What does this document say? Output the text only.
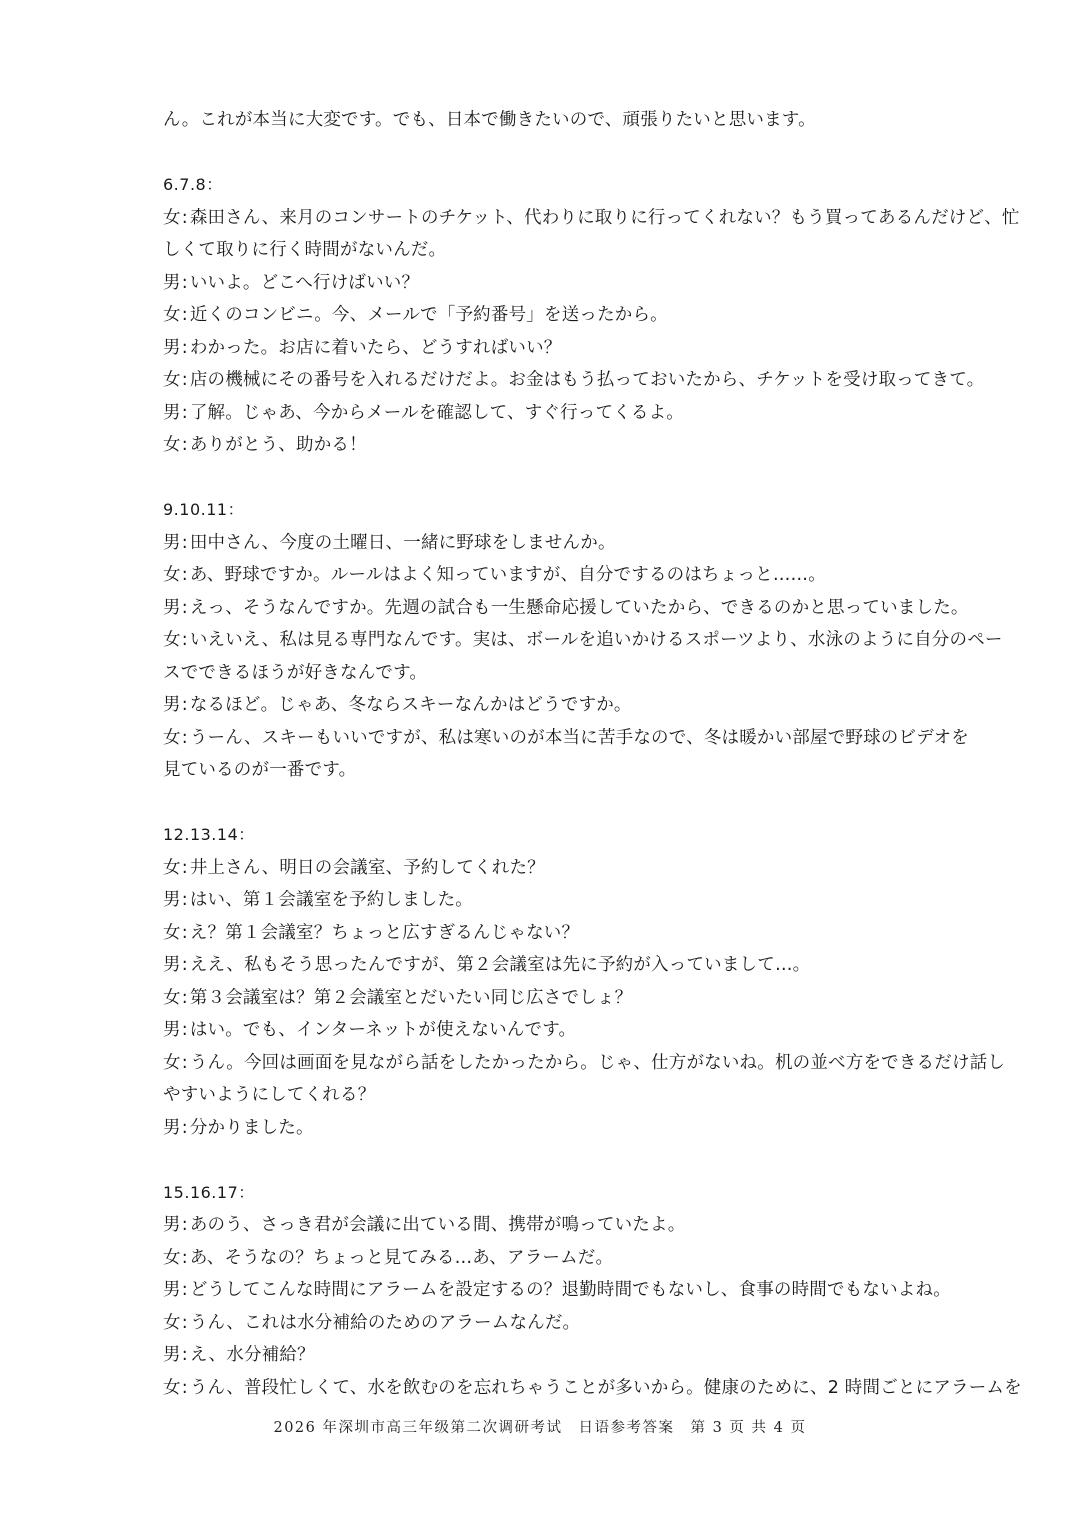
ん。これが本当に大変です。でも、日本で働きたいので、頑張りたいと思います。
6.7.8：
女 : 森田さん、来月のコンサートのチケット、代わりに取りに行ってくれない？もう買ってあるんだけど、忙
しくて取りに行く時間がないんだ。
男 : いいよ。どこへ行けばいい？
女 : 近くのコンビニ。今、メールで「予約番号」を送ったから。
男 : わかった。お店に着いたら、どうすればいい？
女 : 店の機械にその番号を入れるだけだよ。お金はもう払っておいたから、チケットを受け取ってきて。
男 : 了解。じゃあ、今からメールを確認して、すぐ行ってくるよ。
女 : ありがとう、助かる！
9.10.11：
男 : 田中さん、今度の土曜日、一緒に野球をしませんか。
女 : あ、野球ですか。ルールはよく知っていますが、自分でするのはちょっと……。
男 : えっ、そうなんですか。先週の試合も一生懸命応援していたから、できるのかと思っていました。
女 : いえいえ、私は見る専門なんです。実は、ボールを追いかけるスポーツより、水泳のように自分のペー
スでできるほうが好きなんです。
男 : なるほど。じゃあ、冬ならスキーなんかはどうですか。
女 : うーん、スキーもいいですが、私は寒いのが本当に苦手なので、冬は暖かい部屋で野球のビデオを
見ているのが一番です。
12.13.14：
女 : 井上さん、明日の会議室、予約してくれた？
男 : はい、第１会議室を予約しました。
女 : え？第１会議室？ちょっと広すぎるんじゃない？
男 : ええ、私もそう思ったんですが、第２会議室は先に予約が入っていまして…。
女 : 第３会議室は？第２会議室とだいたい同じ広さでしょ？
男 : はい。でも、インターネットが使えないんです。
女 : うん。今回は画面を見ながら話をしたかったから。じゃ、仕方がないね。机の並べ方をできるだけ話し
やすいようにしてくれる？
男 : 分かりました。
15.16.17：
男 : あのう、さっき君が会議に出ている間、携帯が鳴っていたよ。
女 : あ、そうなの？ちょっと見てみる…あ、アラームだ。
男 : どうしてこんな時間にアラームを設定するの？退勤時間でもないし、食事の時間でもないよね。
女 : うん、これは水分補給のためのアラームなんだ。
男 : え、水分補給？
女 : うん、普段忙しくて、水を飲むのを忘れちゃうことが多いから。健康のために、2 時間ごとにアラームを
2026 年深圳市高三年级第二次调研考试　日语参考答案　第 3 页 共 4 页
